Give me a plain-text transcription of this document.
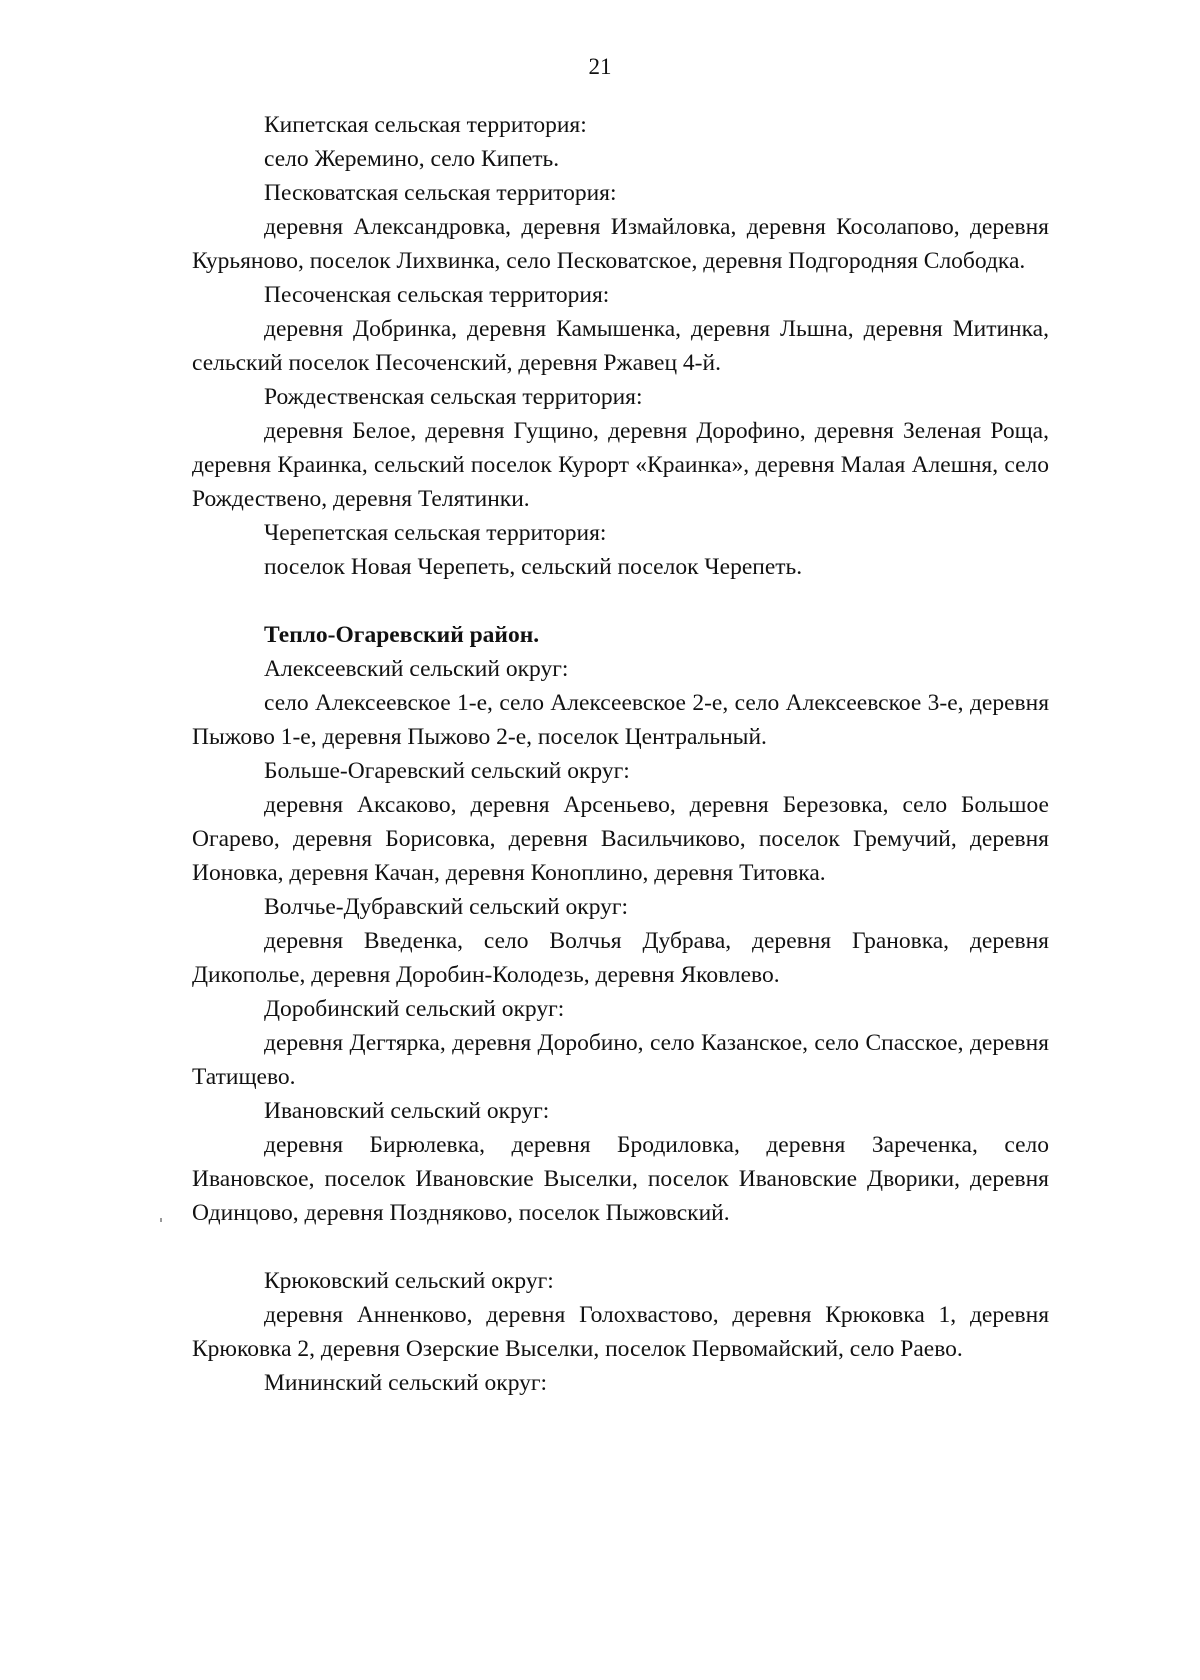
21

Кипетская сельская территория:

село Жеремино, село Кипеть.

Песковатская сельская территория:

деревня Александровка, деревня Измайловка, деревня Косолапово, деревня Курьяново, поселок Лихвинка, село Песковатское, деревня Подгородняя Слободка.

Песоченская сельская территория:

деревня Добринка, деревня Камышенка, деревня Льшна, деревня Митинка, сельский поселок Песоченский, деревня Ржавец 4-й.

Рождественская сельская территория:

деревня Белое, деревня Гущино, деревня Дорофино, деревня Зеленая Роща, деревня Краинка, сельский поселок Курорт «Краинка», деревня Малая Алешня, село Рождествено, деревня Телятинки.

Черепетская сельская территория:

поселок Новая Черепеть, сельский поселок Черепеть.

Тепло-Огаревский район.

Алексеевский сельский округ:

село Алексеевское 1-е, село Алексеевское 2-е, село Алексеевское 3-е, деревня Пыжово 1-е, деревня Пыжово 2-е, поселок Центральный.

Больше-Огаревский сельский округ:

деревня Аксаково, деревня Арсеньево, деревня Березовка, село Большое Огарево, деревня Борисовка, деревня Васильчиково, поселок Гремучий, деревня Ионовка, деревня Качан, деревня Коноплино, деревня Титовка.

Волчье-Дубравский сельский округ:

деревня Введенка, село Волчья Дубрава, деревня Грановка, деревня Дикополье, деревня Доробин-Колодезь, деревня Яковлево.

Доробинский сельский округ:

деревня Дегтярка, деревня Доробино, село Казанское, село Спасское, деревня Татищево.

Ивановский сельский округ:

деревня Бирюлевка, деревня Бродиловка, деревня Зареченка, село Ивановское, поселок Ивановские Выселки, поселок Ивановские Дворики, деревня Одинцово, деревня Поздняково, поселок Пыжовский.

Крюковский сельский округ:

деревня Анненково, деревня Голохвастово, деревня Крюковка 1, деревня Крюковка 2, деревня Озерские Выселки, поселок Первомайский, село Раево.

Мининский сельский округ:
